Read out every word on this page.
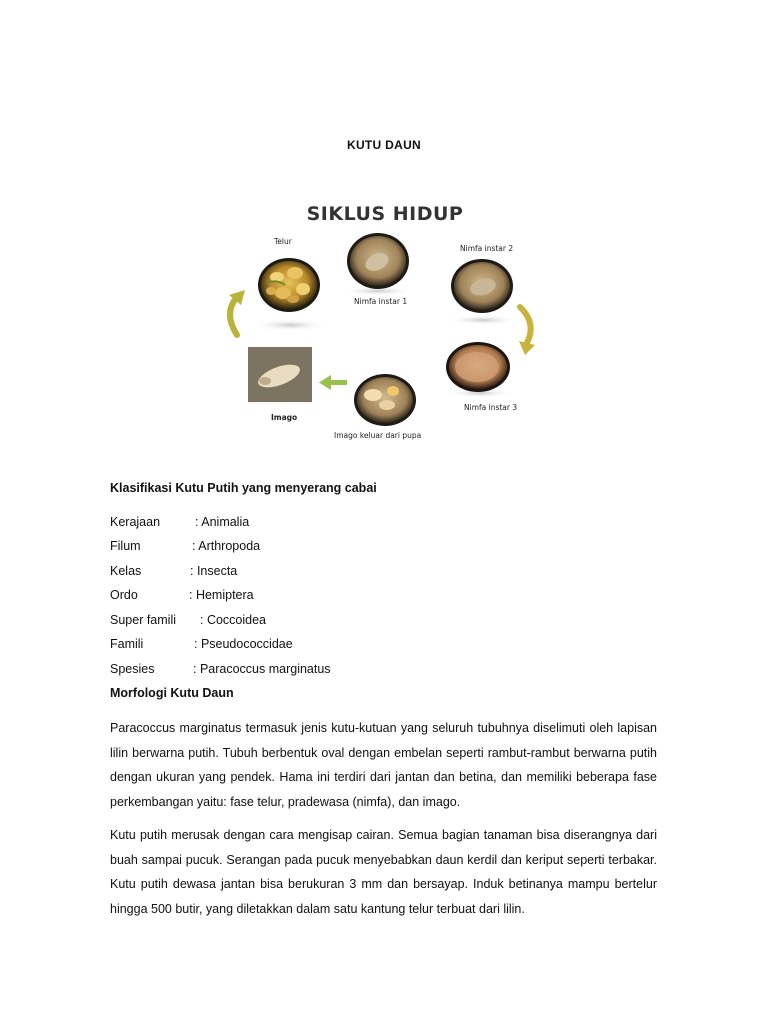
KUTU DAUN
SIKLUS HIDUP
Telur
Nimfa instar 1
Nimfa instar 2
Nimfa instar 3
Imago keluar dari pupa
Imago
Klasifikasi Kutu Putih yang menyerang cabai
Kerajaan	: Animalia
Filum	: Arthropoda
Kelas	: Insecta
Ordo	: Hemiptera
Super famili : Coccoidea
Famili	: Pseudococcidae
Spesies	: Paracoccus marginatus
Morfologi Kutu Daun

Paracoccus marginatus termasuk jenis kutu-kutuan yang seluruh tubuhnya diselimuti oleh lapisan lilin berwarna putih. Tubuh berbentuk oval dengan embelan seperti rambut-rambut berwarna putih dengan ukuran yang pendek. Hama ini terdiri dari jantan dan betina, dan memiliki beberapa fase perkembangan yaitu: fase telur, pradewasa (nimfa), dan imago.

Kutu putih merusak dengan cara mengisap cairan. Semua bagian tanaman bisa diserangnya dari buah sampai pucuk. Serangan pada pucuk menyebabkan daun kerdil dan keriput seperti terbakar. Kutu putih dewasa jantan bisa berukuran 3 mm dan bersayap. Induk betinanya mampu bertelur hingga 500 butir, yang diletakkan dalam satu kantung telur terbuat dari lilin.
